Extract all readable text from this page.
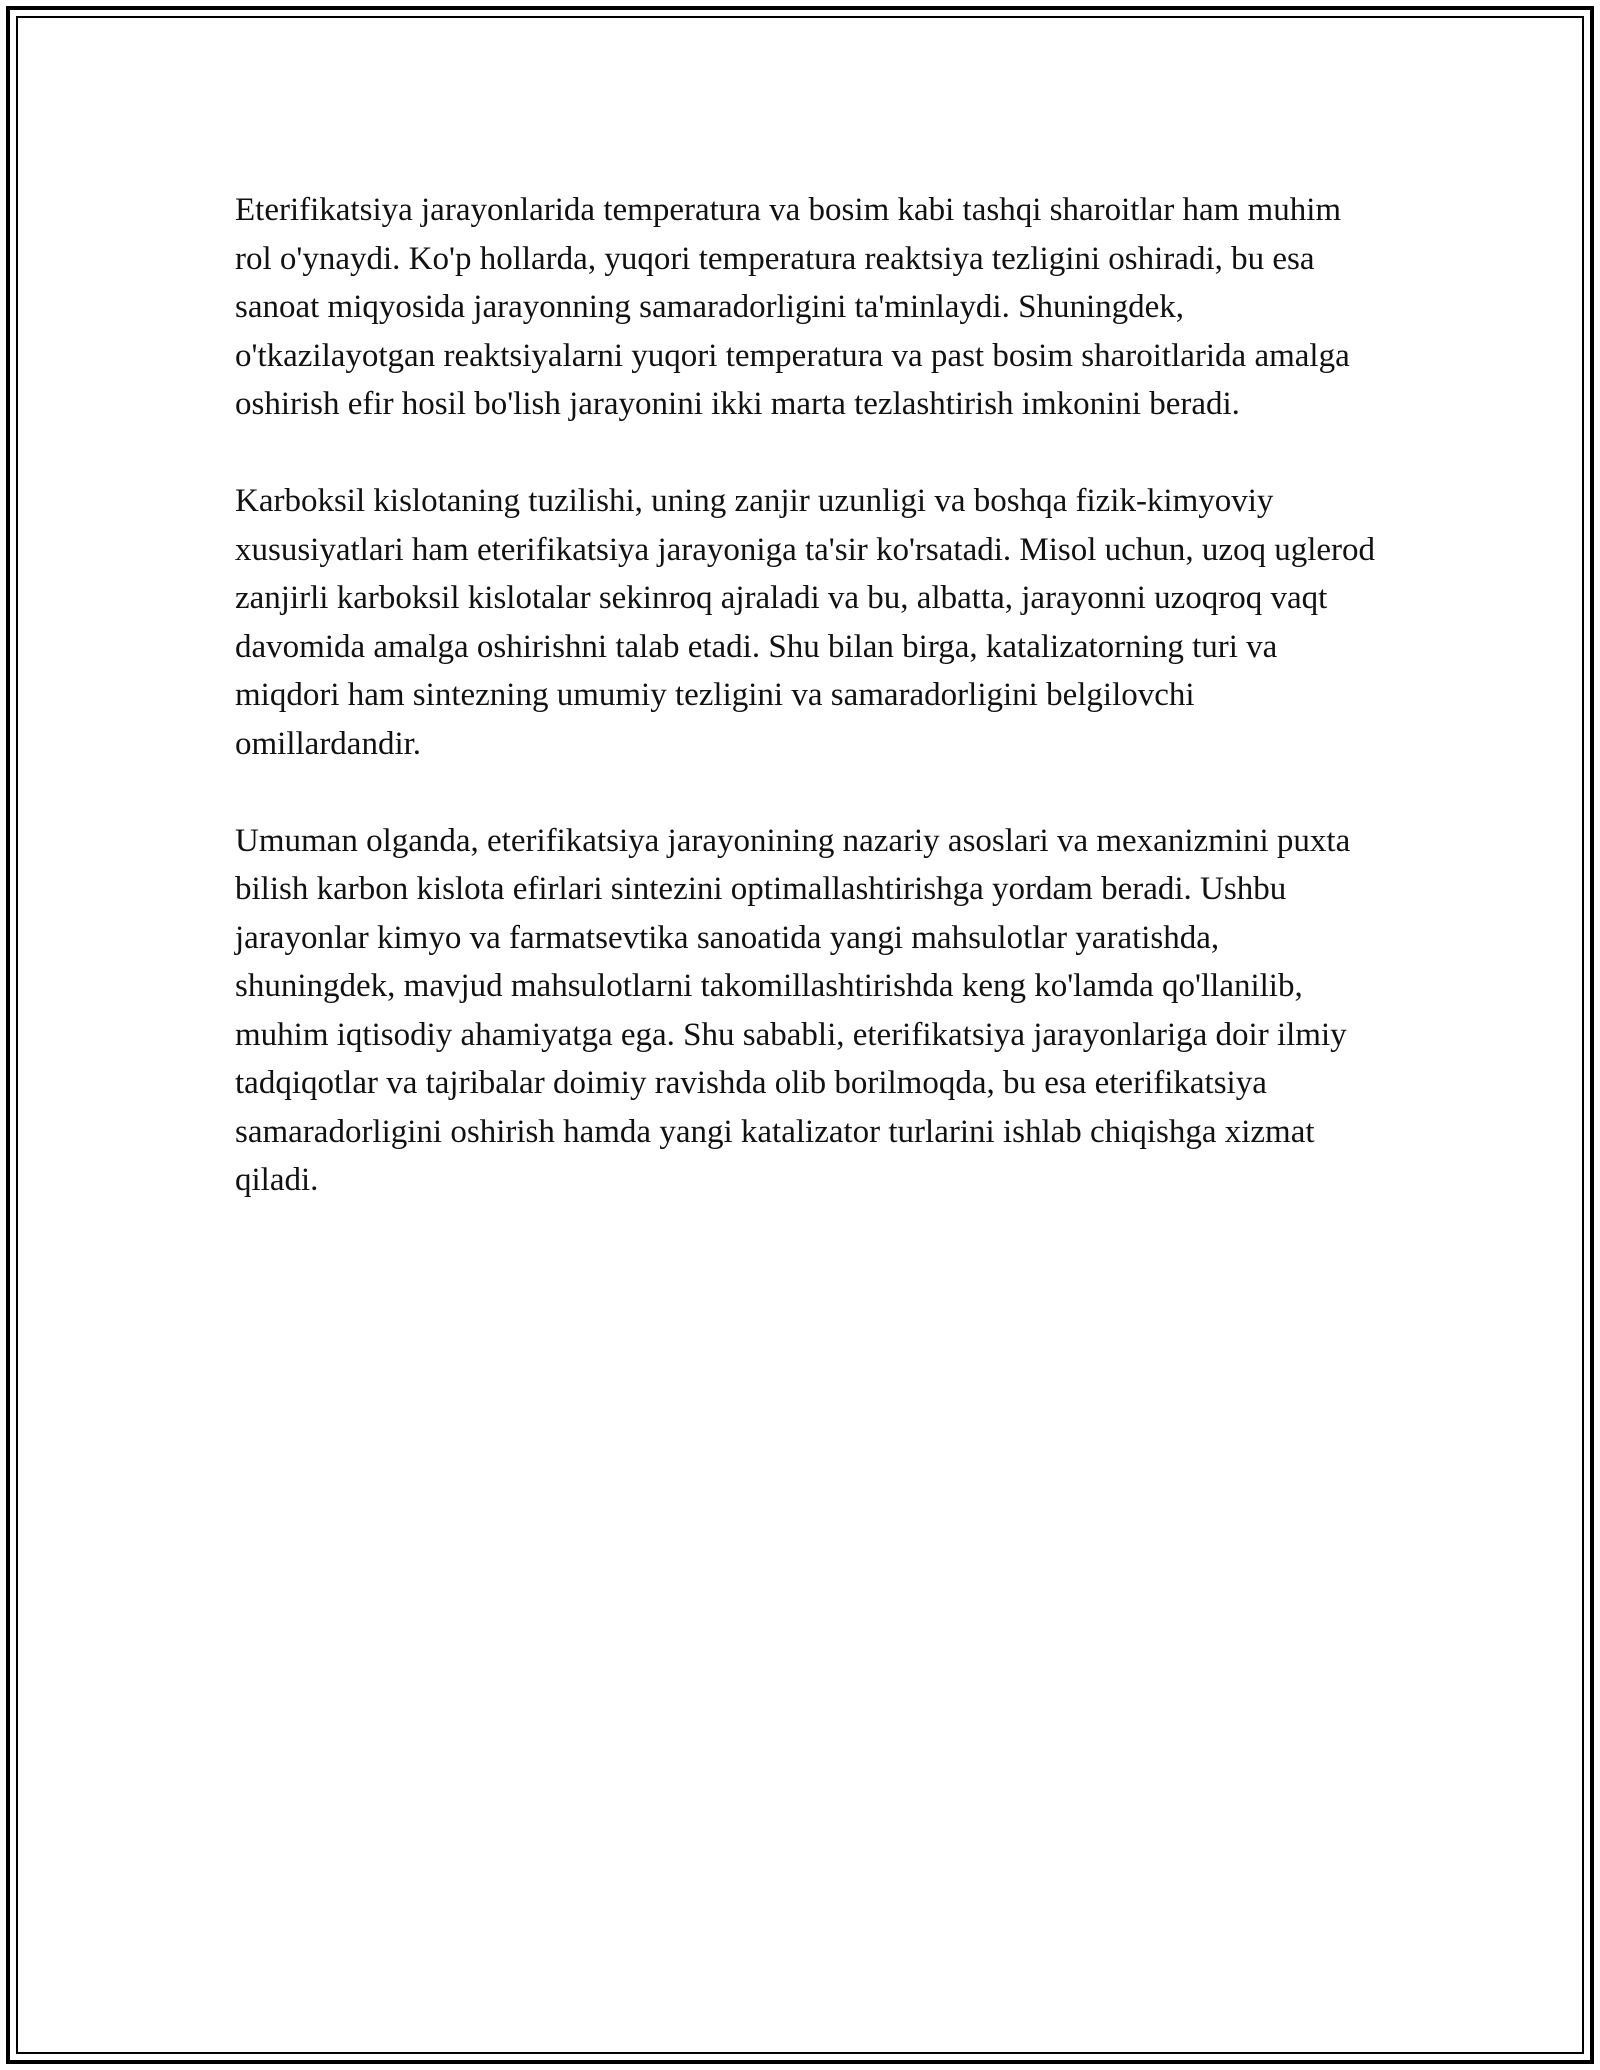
Eterifikatsiya jarayonlarida temperatura va bosim kabi tashqi sharoitlar ham muhim rol o'ynaydi. Ko'p hollarda, yuqori temperatura reaktsiya tezligini oshiradi, bu esa sanoat miqyosida jarayonning samaradorligini ta'minlaydi. Shuningdek, o'tkazilayotgan reaktsiyalarni yuqori temperatura va past bosim sharoitlarida amalga oshirish efir hosil bo'lish jarayonini ikki marta tezlashtirish imkonini beradi.

Karboksil kislotaning tuzilishi, uning zanjir uzunligi va boshqa fizik-kimyoviy xususiyatlari ham eterifikatsiya jarayoniga ta'sir ko'rsatadi. Misol uchun, uzoq uglerod zanjirli karboksil kislotalar sekinroq ajraladi va bu, albatta, jarayonni uzoqroq vaqt davomida amalga oshirishni talab etadi. Shu bilan birga, katalizatorning turi va miqdori ham sintezning umumiy tezligini va samaradorligini belgilovchi omillardandir.

Umuman olganda, eterifikatsiya jarayonining nazariy asoslari va mexanizmini puxta bilish karbon kislota efirlari sintezini optimallashtirishga yordam beradi. Ushbu jarayonlar kimyo va farmatsevtika sanoatida yangi mahsulotlar yaratishda, shuningdek, mavjud mahsulotlarni takomillashtirishda keng ko'lamda qo'llanilib, muhim iqtisodiy ahamiyatga ega. Shu sababli, eterifikatsiya jarayonlariga doir ilmiy tadqiqotlar va tajribalar doimiy ravishda olib borilmoqda, bu esa eterifikatsiya samaradorligini oshirish hamda yangi katalizator turlarini ishlab chiqishga xizmat qiladi.
